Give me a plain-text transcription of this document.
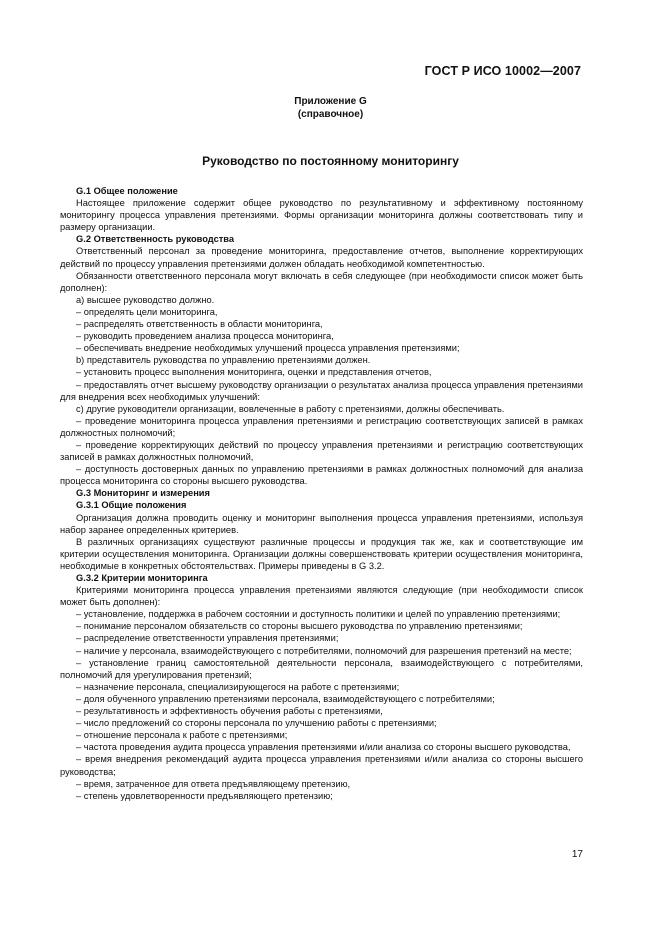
ГОСТ Р ИСО 10002—2007
Приложение G
(справочное)
Руководство по постоянному мониторингу

G.1 Общее положение

Настоящее приложение содержит общее руководство по результативному и эффективному постоянному мониторингу процесса управления претензиями. Формы организации мониторинга должны соответствовать типу и размеру организации.

G.2 Ответственность руководства

Ответственный персонал за проведение мониторинга, предоставление отчетов, выполнение корректирующих действий по процессу управления претензиями должен обладать необходимой компетентностью.

Обязанности ответственного персонала могут включать в себя следующее (при необходимости список может быть дополнен):

а) высшее руководство должно.

– определять цели мониторинга,

– распределять ответственность в области мониторинга,

– руководить проведением анализа процесса мониторинга,

– обеспечивать внедрение необходимых улучшений процесса управления претензиями;

b) представитель руководства по управлению претензиями должен.

– установить процесс выполнения мониторинга, оценки и представления отчетов,

– предоставлять отчет высшему руководству организации о результатах анализа процесса управления претензиями для внедрения всех необходимых улучшений:

с) другие руководители организации, вовлеченные в работу с претензиями, должны обеспечивать.

– проведение мониторинга процесса управления претензиями и регистрацию соответствующих записей в рамках должностных полномочий;

– проведение корректирующих действий по процессу управления претензиями и регистрацию соответствующих записей в рамках должностных полномочий,

– доступность достоверных данных по управлению претензиями в рамках должностных полномочий для анализа процесса мониторинга со стороны высшего руководства.

G.3 Мониторинг и измерения

G.3.1 Общие положения

Организация должна проводить оценку и мониторинг выполнения процесса управления претензиями, используя набор заранее определенных критериев.

В различных организациях существуют различные процессы и продукция так же, как и соответствующие им критерии осуществления мониторинга. Организации должны совершенствовать критерии осуществления мониторинга, необходимые в конкретных обстоятельствах. Примеры приведены в G 3.2.

G.3.2 Критерии мониторинга

Критериями мониторинга процесса управления претензиями являются следующие (при необходимости список может быть дополнен):

– установление, поддержка в рабочем состоянии и доступность политики и целей по управлению претензиями;

– понимание персоналом обязательств со стороны высшего руководства по управлению претензиями;

– распределение ответственности управления претензиями;

– наличие у персонала, взаимодействующего с потребителями, полномочий для разрешения претензий на месте;

– установление границ самостоятельной деятельности персонала, взаимодействующего с потребителями, полномочий для урегулирования претензий;

– назначение персонала, специализирующегося на работе с претензиями;

– доля обученного управлению претензиями персонала, взаимодействующего с потребителями;

– результативность и эффективность обучения работы с претензиями,

– число предложений со стороны персонала по улучшению работы с претензиями;

– отношение персонала к работе с претензиями;

– частота проведения аудита процесса управления претензиями и/или анализа со стороны высшего руководства,

– время внедрения рекомендаций аудита процесса управления претензиями и/или анализа со стороны высшего руководства;

– время, затраченное для ответа предъявляющему претензию,

– степень удовлетворенности предъявляющего претензию;

17
